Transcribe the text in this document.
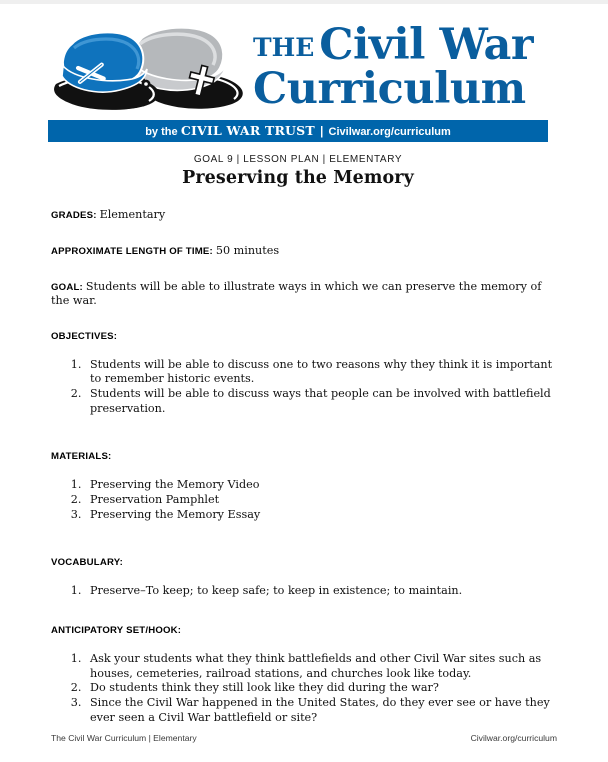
THE Civil War
Curriculum
by the CIVIL WAR TRUST | Civilwar.org/curriculum
GOAL 9 | LESSON PLAN | ELEMENTARY
Preserving the Memory
GRADES: Elementary
APPROXIMATE LENGTH OF TIME: 50 minutes
GOAL: Students will be able to illustrate ways in which we can preserve the memory of the war.
OBJECTIVES:
1. Students will be able to discuss one to two reasons why they think it is important to remember historic events.
2. Students will be able to discuss ways that people can be involved with battlefield preservation.
MATERIALS:
1. Preserving the Memory Video
2. Preservation Pamphlet
3. Preserving the Memory Essay
VOCABULARY:
1. Preserve–To keep; to keep safe; to keep in existence; to maintain.
ANTICIPATORY SET/HOOK:
1. Ask your students what they think battlefields and other Civil War sites such as houses, cemeteries, railroad stations, and churches look like today.
2. Do students think they still look like they did during the war?
3. Since the Civil War happened in the United States, do they ever see or have they ever seen a Civil War battlefield or site?
The Civil War Curriculum | Elementary	Civilwar.org/curriculum
